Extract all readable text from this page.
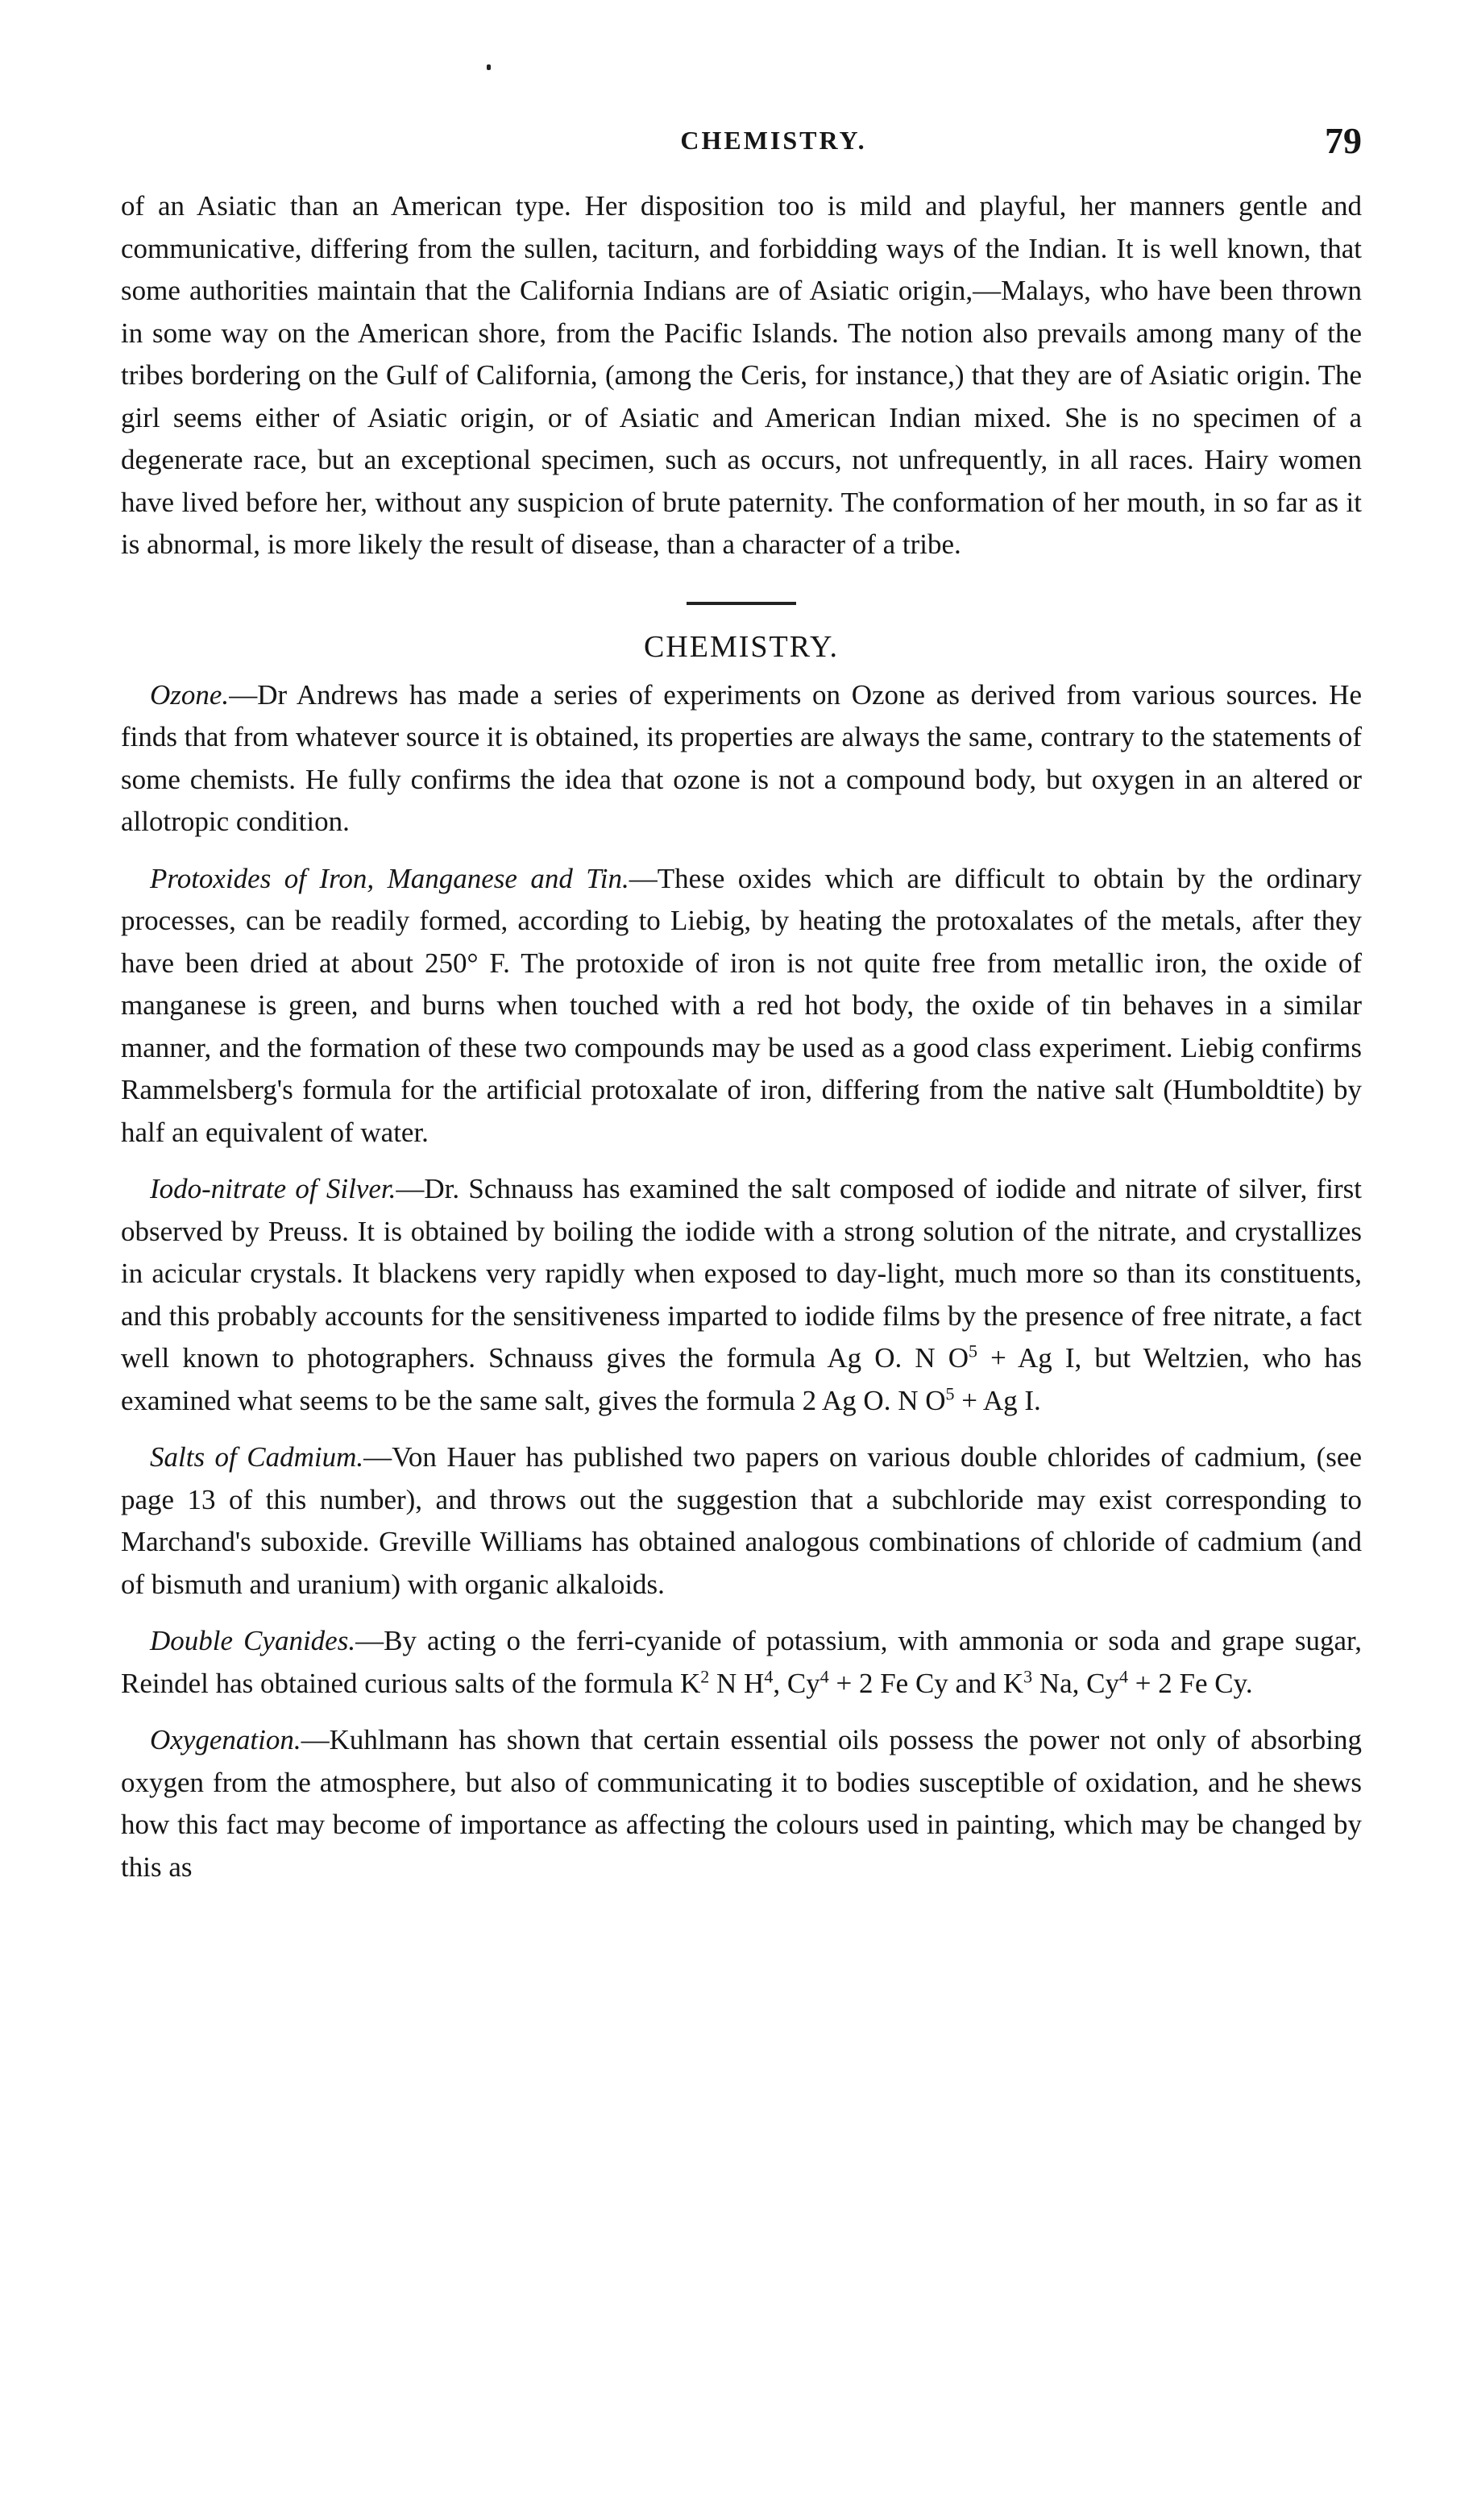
CHEMISTRY.	79

of an Asiatic than an American type. Her disposition too is mild and playful, her manners gentle and communicative, differing from the sullen, taciturn, and forbidding ways of the Indian. It is well known, that some authorities maintain that the California Indians are of Asiatic origin,—Malays, who have been thrown in some way on the American shore, from the Pacific Islands. The notion also prevails among many of the tribes bordering on the Gulf of California, (among the Ceris, for instance,) that they are of Asiatic origin. The girl seems either of Asiatic origin, or of Asiatic and American Indian mixed. She is no specimen of a degenerate race, but an exceptional specimen, such as occurs, not unfrequently, in all races. Hairy women have lived before her, without any suspicion of brute paternity. The conformation of her mouth, in so far as it is abnormal, is more likely the result of disease, than a character of a tribe.

CHEMISTRY.

Ozone.—Dr Andrews has made a series of experiments on Ozone as derived from various sources. He finds that from whatever source it is obtained, its properties are always the same, contrary to the statements of some chemists. He fully confirms the idea that ozone is not a compound body, but oxygen in an altered or allotropic condition.

Protoxides of Iron, Manganese and Tin.—These oxides which are difficult to obtain by the ordinary processes, can be readily formed, according to Liebig, by heating the protoxalates of the metals, after they have been dried at about 250° F. The protoxide of iron is not quite free from metallic iron, the oxide of manganese is green, and burns when touched with a red hot body, the oxide of tin behaves in a similar manner, and the formation of these two compounds may be used as a good class experiment. Liebig confirms Rammelsberg's formula for the artificial protoxalate of iron, differing from the native salt (Humboldtite) by half an equivalent of water.

Iodo-nitrate of Silver.—Dr. Schnauss has examined the salt composed of iodide and nitrate of silver, first observed by Preuss. It is obtained by boiling the iodide with a strong solution of the nitrate, and crystallizes in acicular crystals. It blackens very rapidly when exposed to day-light, much more so than its constituents, and this probably accounts for the sensitiveness imparted to iodide films by the presence of free nitrate, a fact well known to photographers. Schnauss gives the formula Ag O. N $O^5 + Ag$ I, but Weltzien, who has examined what seems to be the same salt, gives the formula 2 Ag O. N $O^5 + Ag$ I.

Salts of Cadmium.—Von Hauer has published two papers on various double chlorides of cadmium, (see page 13 of this number), and throws out the suggestion that a subchloride may exist corresponding to Marchand's suboxide. Greville Williams has obtained analogous combinations of chloride of cadmium (and of bismuth and uranium) with organic alkaloids.

Double Cyanides.—By acting o the ferri-cyanide of potassium, with ammonia or soda and grape sugar, Reindel has obtained curious salts of the formula $K^2$ N $H^4$, $Cy^4 + 2$ Fe Cy and $K^3$ Na, $Cy^4 + 2$ Fe Cy.

Oxygenation.—Kuhlmann has shown that certain essential oils possess the power not only of absorbing oxygen from the atmosphere, but also of communicating it to bodies susceptible of oxidation, and he shews how this fact may become of importance as affecting the colours used in painting, which may be changed by this as
